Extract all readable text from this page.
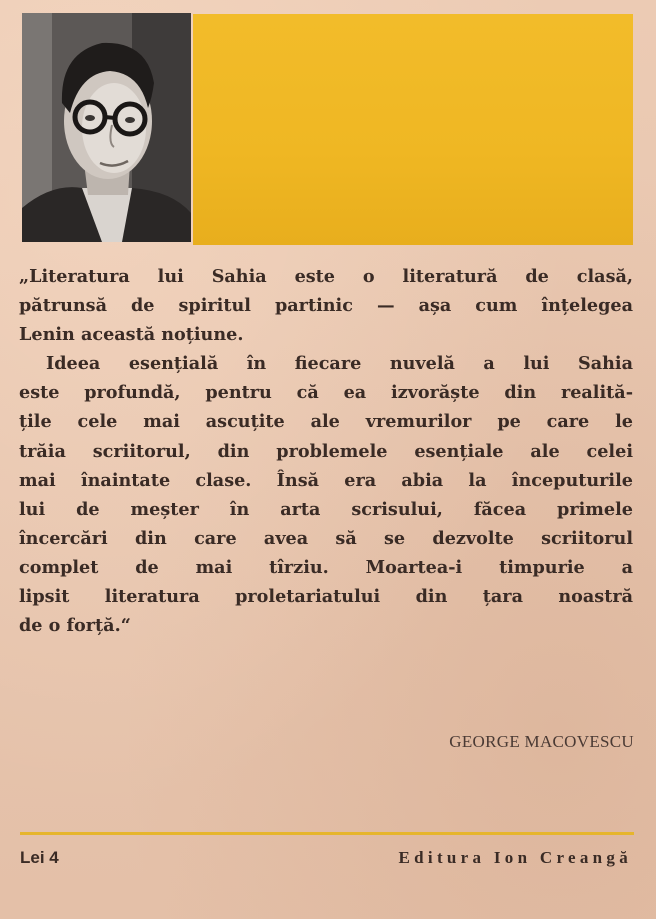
„Literatura lui Sahia este o literatură de clasă,
pătrunsă de spiritul partinic — așa cum înțelegea
Lenin această noțiune.

Ideea esențială în fiecare nuvelă a lui Sahia
este profundă, pentru că ea izvorăște din realită-
țile cele mai ascuțite ale vremurilor pe care le
trăia scriitorul, din problemele esențiale ale celei
mai înaintate clase. Însă era abia la începuturile
lui de meșter în arta scrisului, făcea primele
încercări din care avea să se dezvolte scriitorul
complet de mai tîrziu. Moartea-i timpurie a
lipsit literatura proletariatului din țara noastră
de o forță.“

GEORGE MACOVESCU
Lei 4	Editura Ion Creangă
